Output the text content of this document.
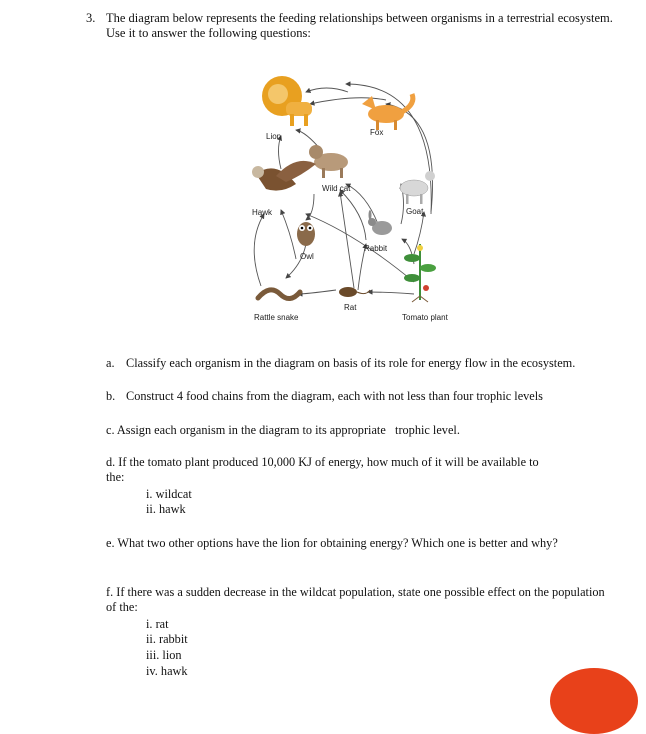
3. The diagram below represents the feeding relationships between organisms in a terrestrial ecosystem. Use it to answer the following questions:
Lion	Fox
Wild cat
Hawk	Goat
Owl
Rabbit
Rat
Rattle snake	Tomato plant
a. Classify each organism in the diagram on basis of its role for energy flow in the ecosystem.
b. Construct 4 food chains from the diagram, each with not less than four trophic levels
c. Assign each organism in the diagram to its appropriate   trophic level.
d. If the tomato plant produced 10,000 KJ of energy, how much of it will be available to the:
i. wildcat
ii. hawk
e. What two other options have the lion for obtaining energy? Which one is better and why?
f. If there was a sudden decrease in the wildcat population, state one possible effect on the population of the:
i. rat
ii. rabbit
iii. lion
iv. hawk
